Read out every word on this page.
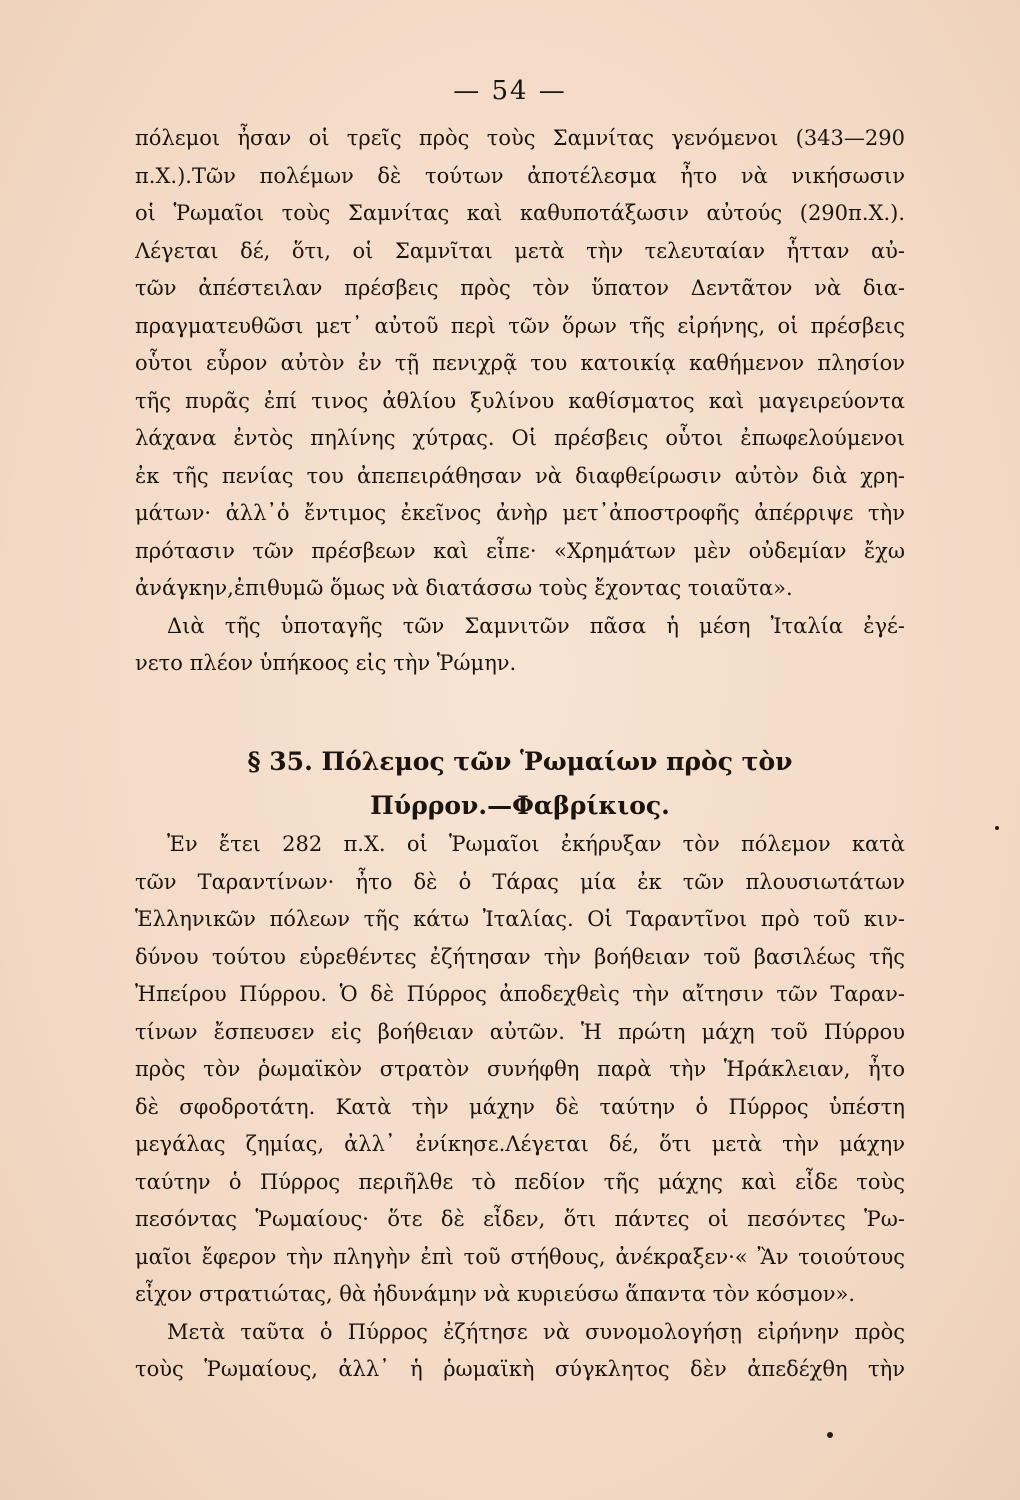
— 54 —
πόλεμοι ἦσαν οἱ τρεῖς πρὸς τοὺς Σαμνίτας γενόμενοι (343—290
π.Χ.).Τῶν πολέμων δὲ τούτων ἀποτέλεσμα ἦτο νὰ νικήσωσιν
οἱ Ῥωμαῖοι τοὺς Σαμνίτας καὶ καθυποτάξωσιν αὐτούς (290π.Χ.).
Λέγεται δέ, ὅτι, οἱ Σαμνῖται μετὰ τὴν τελευταίαν ἧτταν αὐ-
τῶν ἀπέστειλαν πρέσβεις πρὸς τὸν ὕπατον Δεντᾶτον νὰ δια-
πραγματευθῶσι μετ᾿ αὐτοῦ περὶ τῶν ὅρων τῆς εἰρήνης, οἱ πρέσβεις
οὗτοι εὗρον αὐτὸν ἐν τῇ πενιχρᾷ του κατοικίᾳ καθήμενον πλησίον
τῆς πυρᾶς ἐπί τινος ἀθλίου ξυλίνου καθίσματος καὶ μαγειρεύοντα
λάχανα ἐντὸς πηλίνης χύτρας. Οἱ πρέσβεις οὗτοι ἐπωφελούμενοι
ἐκ τῆς πενίας του ἀπεπειράθησαν νὰ διαφθείρωσιν αὐτὸν διὰ χρη-
μάτων· ἀλλ᾿ὁ ἔντιμος ἐκεῖνος ἀνὴρ μετ᾿ἀποστροφῆς ἀπέρριψε τὴν
πρότασιν τῶν πρέσβεων καὶ εἶπε· «Χρημάτων μὲν οὐδεμίαν ἔχω
ἀνάγκην,ἐπιθυμῶ ὅμως νὰ διατάσσω τοὺς ἔχοντας τοιαῦτα».
Διὰ τῆς ὑποταγῆς τῶν Σαμνιτῶν πᾶσα ἡ μέση Ἰταλία ἐγέ-
νετο πλέον ὑπήκοος εἰς τὴν Ῥώμην.
§ 35. Πόλεμος τῶν Ῥωμαίων πρὸς τὸν
Πύρρον.—Φαβρίκιος.
Ἐν ἔτει 282 π.Χ. οἱ Ῥωμαῖοι ἐκήρυξαν τὸν πόλεμον κατὰ
τῶν Ταραντίνων· ἦτο δὲ ὁ Τάρας μία ἐκ τῶν πλουσιωτάτων
Ἑλληνικῶν πόλεων τῆς κάτω Ἰταλίας. Οἱ Ταραντῖνοι πρὸ τοῦ κιν-
δύνου τούτου εὑρεθέντες ἐζήτησαν τὴν βοήθειαν τοῦ βασιλέως τῆς
Ἠπείρου Πύρρου. Ὁ δὲ Πύρρος ἀποδεχθεὶς τὴν αἴτησιν τῶν Ταραν-
τίνων ἔσπευσεν εἰς βοήθειαν αὐτῶν. Ἡ πρώτη μάχη τοῦ Πύρρου
πρὸς τὸν ῥωμαϊκὸν στρατὸν συνήφθη παρὰ τὴν Ἡράκλειαν, ἦτο
δὲ σφοδροτάτη. Κατὰ τὴν μάχην δὲ ταύτην ὁ Πύρρος ὑπέστη
μεγάλας ζημίας, ἀλλ᾿ ἐνίκησε.Λέγεται δέ, ὅτι μετὰ τὴν μάχην
ταύτην ὁ Πύρρος περιῆλθε τὸ πεδίον τῆς μάχης καὶ εἶδε τοὺς
πεσόντας Ῥωμαίους· ὅτε δὲ εἶδεν, ὅτι πάντες οἱ πεσόντες Ῥω-
μαῖοι ἔφερον τὴν πληγὴν ἐπὶ τοῦ στήθους, ἀνέκραξεν·« Ἂν τοιούτους
εἶχον στρατιώτας, θὰ ἠδυνάμην νὰ κυριεύσω ἅπαντα τὸν κόσμον».
Μετὰ ταῦτα ὁ Πύρρος ἐζήτησε νὰ συνομολογήσῃ εἰρήνην πρὸς
τοὺς Ῥωμαίους, ἀλλ᾿ ἡ ῥωμαϊκὴ σύγκλητος δὲν ἀπεδέχθη τὴν
